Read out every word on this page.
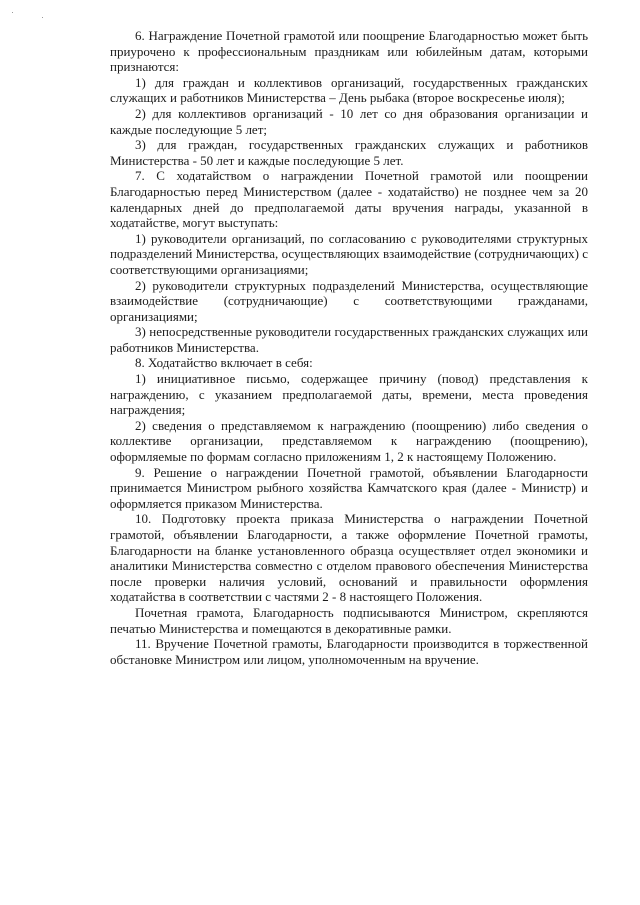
6. Награждение Почетной грамотой или поощрение Благодарностью может быть приурочено к профессиональным праздникам или юбилейным датам, которыми признаются:

1) для граждан и коллективов организаций, государственных гражданских служащих и работников Министерства – День рыбака (второе воскресенье июля);

2) для коллективов организаций - 10 лет со дня образования организации и каждые последующие 5 лет;

3) для граждан, государственных гражданских служащих и работников Министерства - 50 лет и каждые последующие 5 лет.

7. С ходатайством о награждении Почетной грамотой или поощрении Благодарностью перед Министерством (далее - ходатайство) не позднее чем за 20 календарных дней до предполагаемой даты вручения награды, указанной в ходатайстве, могут выступать:

1) руководители организаций, по согласованию с руководителями структурных подразделений Министерства, осуществляющих взаимодействие (сотрудничающих) с соответствующими организациями;

2) руководители структурных подразделений Министерства, осуществляющие взаимодействие (сотрудничающие) с соответствующими гражданами, организациями;

3) непосредственные руководители государственных гражданских служащих или работников Министерства.

8. Ходатайство включает в себя:

1) инициативное письмо, содержащее причину (повод) представления к награждению, с указанием предполагаемой даты, времени, места проведения награждения;

2) сведения о представляемом к награждению (поощрению) либо сведения о коллективе организации, представляемом к награждению (поощрению), оформляемые по формам согласно приложениям 1, 2 к настоящему Положению.

9. Решение о награждении Почетной грамотой, объявлении Благодарности принимается Министром рыбного хозяйства Камчатского края (далее - Министр) и оформляется приказом Министерства.

10. Подготовку проекта приказа Министерства о награждении Почетной грамотой, объявлении Благодарности, а также оформление Почетной грамоты, Благодарности на бланке установленного образца осуществляет отдел экономики и аналитики Министерства совместно с отделом правового обеспечения Министерства после проверки наличия условий, оснований и правильности оформления ходатайства в соответствии с частями 2 - 8 настоящего Положения.

Почетная грамота, Благодарность подписываются Министром, скрепляются печатью Министерства и помещаются в декоративные рамки.

11. Вручение Почетной грамоты, Благодарности производится в торжественной обстановке Министром или лицом, уполномоченным на вручение.
